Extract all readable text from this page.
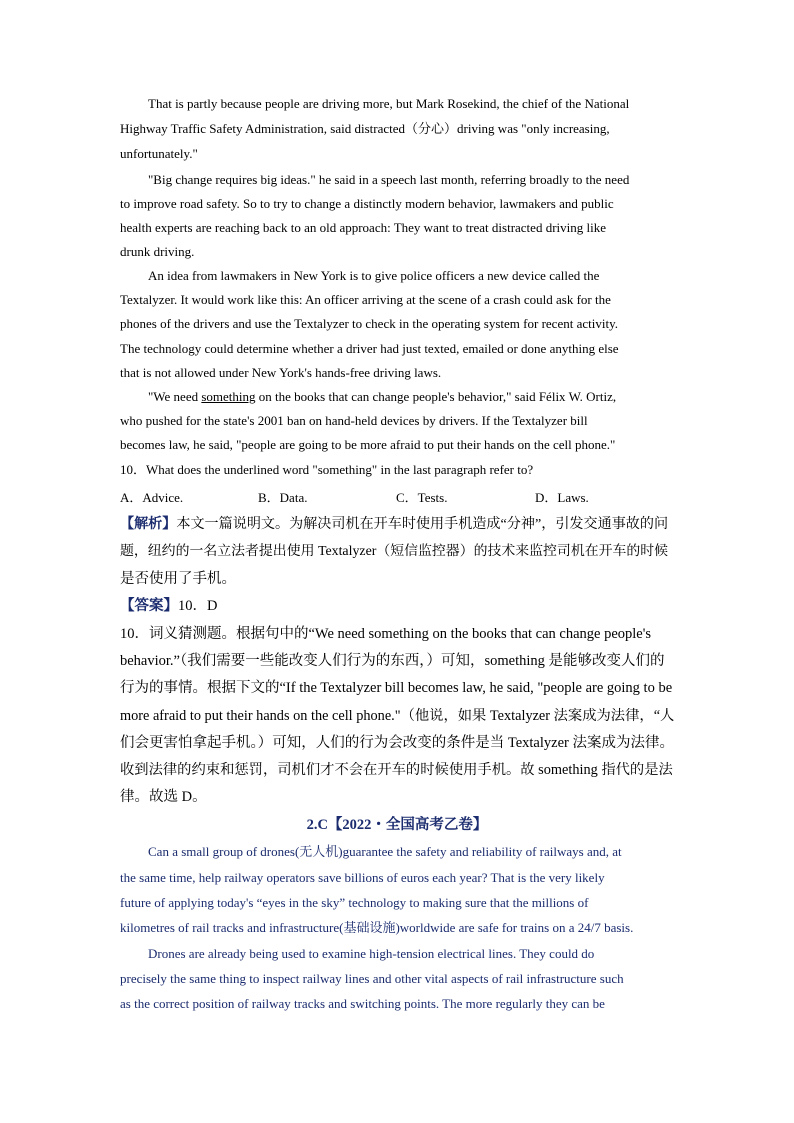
That is partly because people are driving more, but Mark Rosekind, the chief of the National
Highway Traffic Safety Administration, said distracted（分心）driving was "only increasing,
unfortunately."
"Big change requires big ideas." he said in a speech last month, referring broadly to the need
to improve road safety. So to try to change a distinctly modern behavior, lawmakers and public
health experts are reaching back to an old approach: They want to treat distracted driving like
drunk driving.
An idea from lawmakers in New York is to give police officers a new device called the
Textalyzer. It would work like this: An officer arriving at the scene of a crash could ask for the
phones of the drivers and use the Textalyzer to check in the operating system for recent activity.
The technology could determine whether a driver had just texted, emailed or done anything else
that is not allowed under New York's hands-free driving laws.
"We need something on the books that can change people's behavior," said Félix W. Ortiz,
who pushed for the state's 2001 ban on hand-held devices by drivers. If the Textalyzer bill
becomes law, he said, "people are going to be more afraid to put their hands on the cell phone."
10．What does the underlined word "something" in the last paragraph refer to?
A．Advice.	B．Data.	C．Tests.	D．Laws.
【解析】本文一篇说明文。为解决司机在开车时使用手机造成“分神”，引发交通事故的问
题，纽约的一名立法者提出使用 Textalyzer（短信监控器）的技术来监控司机在开车的时候
是否使用了手机。
【答案】10．D
10．词义猜测题。根据句中的“We need something on the books that can change people's
behavior.”（我们需要一些能改变人们行为的东西，）可知，something 是能够改变人们的
行为的事情。根据下文的“If the Textalyzer bill becomes law, he said, "people are going to be
more afraid to put their hands on the cell phone."（他说，如果 Textalyzer 法案成为法律，“人
们会更害怕拿起手机。）可知，人们的行为会改变的条件是当 Textalyzer 法案成为法律。
收到法律的约束和惩罚，司机们才不会在开车的时候使用手机。故 something 指代的是法
律。故选 D。
2.C【2022・全国高考乙卷】
Can a small group of drones(无人机)guarantee the safety and reliability of railways and, at
the same time, help railway operators save billions of euros each year? That is the very likely
future of applying today's “eyes in the sky” technology to making sure that the millions of
kilometres of rail tracks and infrastructure(基础设施)worldwide are safe for trains on a 24/7 basis.
Drones are already being used to examine high-tension electrical lines. They could do
precisely the same thing to inspect railway lines and other vital aspects of rail infrastructure such
as the correct position of railway tracks and switching points. The more regularly they can be
